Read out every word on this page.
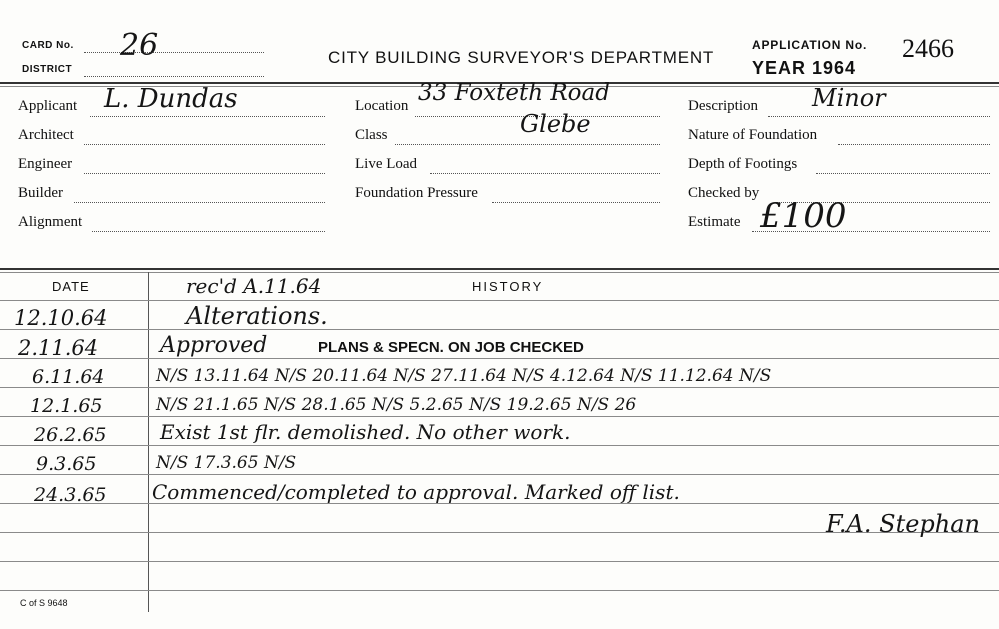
CARD No. 26
DISTRICT
CITY BUILDING SURVEYOR'S DEPARTMENT
APPLICATION No. 2466
YEAR 1964
Applicant L. Dundas
Architect
Engineer
Builder
Alignment
Location 33 Foxteth Road
Glebe
Class
Live Load
Foundation Pressure
Description Minor
Nature of Foundation
Depth of Footings
Checked by
Estimate £100
DATE	HISTORY
rec'd A.11.64
12.10.64	Alterations.
2.11.64	Approved	PLANS & SPECN. ON JOB CHECKED
6.11.64	N/S 13.11.64 N/S 20.11.64 N/S 27.11.64 N/S 4.12.64 N/S 11.12.64 N/S
12.1.65	N/S 21.1.65 N/S 28.1.65 N/S 5.2.65 N/S 19.2.65 N/S 26
26.2.65	Exist 1st flr. demolished. No other work.
9.3.65	N/S 17.3.65 N/S
24.3.65 Commenced/completed to approval. Marked off list.
F.A. Stephan
C of S 9648
